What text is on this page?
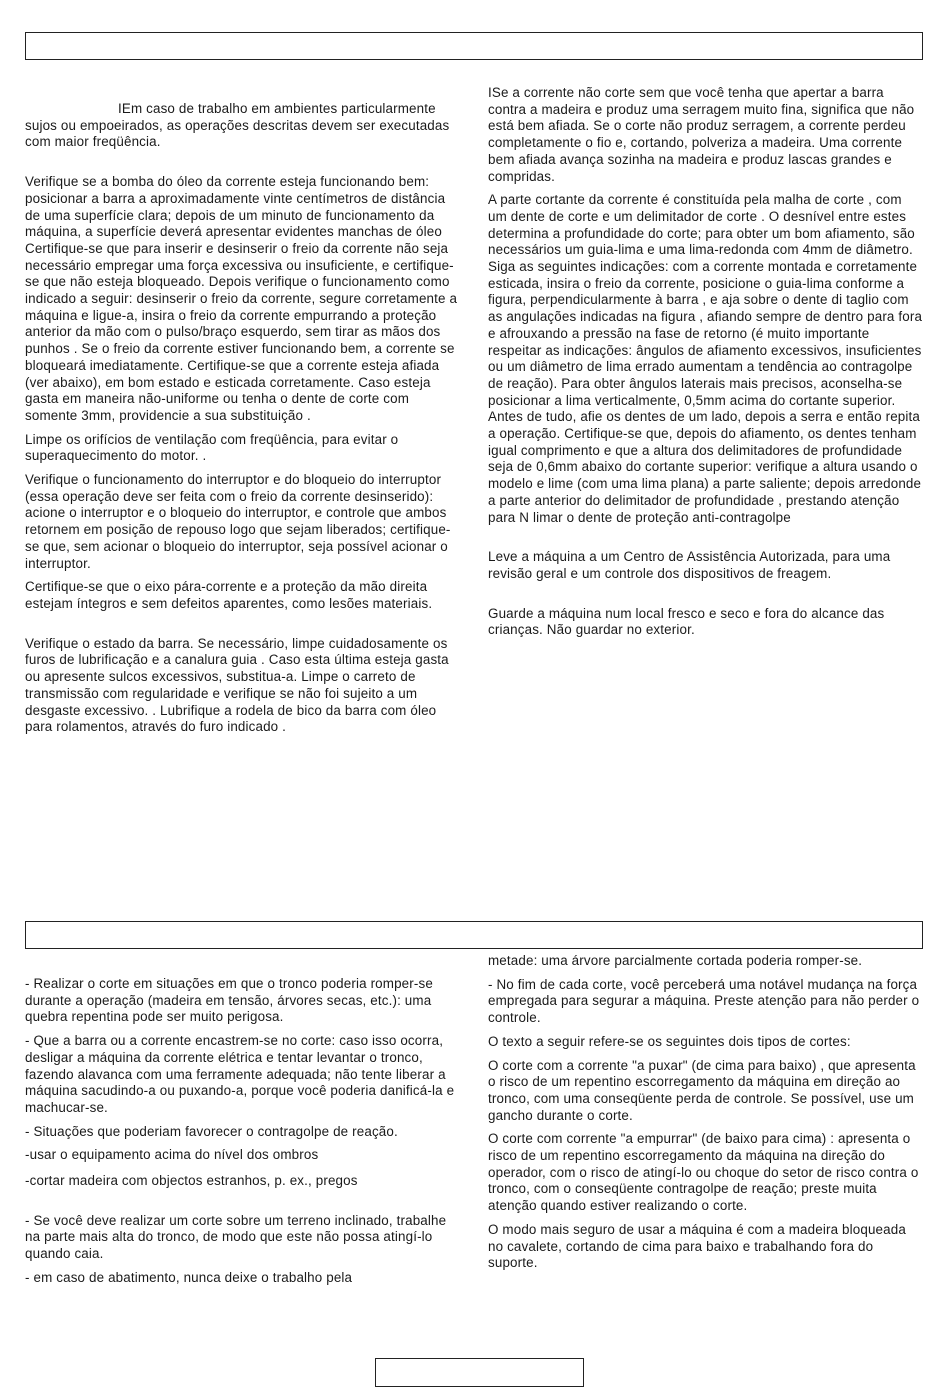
IEm caso de trabalho em ambientes particularmente sujos ou empoeirados, as operações descritas devem ser executadas com maior freqüência.

Verifique se a bomba do óleo da corrente esteja funcionando bem: posicionar a barra a aproximadamente vinte centímetros de distância de uma superfície clara; depois de um minuto de funcionamento da máquina, a superfície deverá apresentar evidentes manchas de óleo Certifique-se que para inserir e desinserir o freio da corrente não seja necessário empregar uma força excessiva ou insuficiente, e certifique-se que não esteja bloqueado. Depois verifique o funcionamento como indicado a seguir: desinserir o freio da corrente, segure corretamente a máquina e ligue-a, insira o freio da corrente empurrando a proteção anterior da mão com o pulso/braço esquerdo, sem tirar as mãos dos punhos . Se o freio da corrente estiver funcionando bem, a corrente se bloqueará imediatamente. Certifique-se que a corrente esteja afiada (ver abaixo), em bom estado e esticada corretamente. Caso esteja gasta em maneira não-uniforme ou tenha o dente de corte com somente 3mm, providencie a sua substituição .

Limpe os orifícios de ventilação com freqüência, para evitar o superaquecimento do motor. .

Verifique o funcionamento do interruptor e do bloqueio do interruptor (essa operação deve ser feita com o freio da corrente desinserido): acione o interruptor e o bloqueio do interruptor, e controle que ambos retornem em posição de repouso logo que sejam liberados; certifique-se que, sem acionar o bloqueio do interruptor, seja possível acionar o interruptor.

Certifique-se que o eixo pára-corrente e a proteção da mão direita estejam íntegros e sem defeitos aparentes, como lesões materiais.

Verifique o estado da barra. Se necessário, limpe cuidadosamente os furos de lubrificação e a canalura guia . Caso esta última esteja gasta ou apresente sulcos excessivos, substitua-a. Limpe o carreto de transmissão com regularidade e verifique se não foi sujeito a um desgaste excessivo. . Lubrifique a rodela de bico da barra com óleo para rolamentos, através do furo indicado .

ISe a corrente não corte sem que você tenha que apertar a barra contra a madeira e produz uma serragem muito fina, significa que não está bem afiada. Se o corte não produz serragem, a corrente perdeu completamente o fio e, cortando, polveriza a madeira. Uma corrente bem afiada avança sozinha na madeira e produz lascas grandes e compridas.

A parte cortante da corrente é constituída pela malha de corte , com um dente de corte e um delimitador de corte . O desnível entre estes determina a profundidade do corte; para obter um bom afiamento, são necessários um guia-lima e uma lima-redonda com 4mm de diâmetro. Siga as seguintes indicações: com a corrente montada e corretamente esticada, insira o freio da corrente, posicione o guia-lima conforme a figura, perpendicularmente à barra , e aja sobre o dente di taglio com as angulações indicadas na figura , afiando sempre de dentro para fora e afrouxando a pressão na fase de retorno (é muito importante respeitar as indicações: ângulos de afiamento excessivos, insuficientes ou um diâmetro de lima errado aumentam a tendência ao contragolpe de reação). Para obter ângulos laterais mais precisos, aconselha-se posicionar a lima verticalmente, 0,5mm acima do cortante superior. Antes de tudo, afie os dentes de um lado, depois a serra e então repita a operação. Certifique-se que, depois do afiamento, os dentes tenham igual comprimento e que a altura dos delimitadores de profundidade seja de 0,6mm abaixo do cortante superior: verifique a altura usando o modelo e lime (com uma lima plana) a parte saliente; depois arredonde a parte anterior do delimitador de profundidade , prestando atenção para N limar o dente de proteção anti-contragolpe

Leve a máquina a um Centro de Assistência Autorizada, para uma revisão geral e um controle dos dispositivos de freagem.

Guarde a máquina num local fresco e seco e fora do alcance das crianças. Não guardar no exterior.

- Realizar o corte em situações em que o tronco poderia romper-se durante a operação (madeira em tensão, árvores secas, etc.): uma quebra repentina pode ser muito perigosa.

- Que a barra ou a corrente encastrem-se no corte: caso isso ocorra, desligar a máquina da corrente elétrica e tentar levantar o tronco, fazendo alavanca com uma ferramente adequada; não tente liberar a máquina sacudindo-a ou puxando-a, porque você poderia danificá-la e machucar-se.

- Situações que poderiam favorecer o contragolpe de reação.

-usar o equipamento acima do nível dos ombros

-cortar madeira com objectos estranhos, p. ex., pregos

- Se você deve realizar um corte sobre um terreno inclinado, trabalhe na parte mais alta do tronco, de modo que este não possa atingí-lo quando caia.

- em caso de abatimento, nunca deixe o trabalho pela

metade: uma árvore parcialmente cortada poderia romper-se.

- No fim de cada corte, você perceberá uma notável mudança na força empregada para segurar a máquina. Preste atenção para não perder o controle.

O texto a seguir refere-se os seguintes dois tipos de cortes:

O corte com a corrente "a puxar" (de cima para baixo) , que apresenta o risco de um repentino escorregamento da máquina em direção ao tronco, com uma conseqüente perda de controle. Se possível, use um gancho durante o corte.

O corte com corrente "a empurrar" (de baixo para cima) : apresenta o risco de um repentino escorregamento da máquina na direção do operador, com o risco de atingí-lo ou choque do setor de risco contra o tronco, com o conseqüente contragolpe de reação; preste muita atenção quando estiver realizando o corte.

O modo mais seguro de usar a máquina é com a madeira bloqueada no cavalete, cortando de cima para baixo e trabalhando fora do suporte.
